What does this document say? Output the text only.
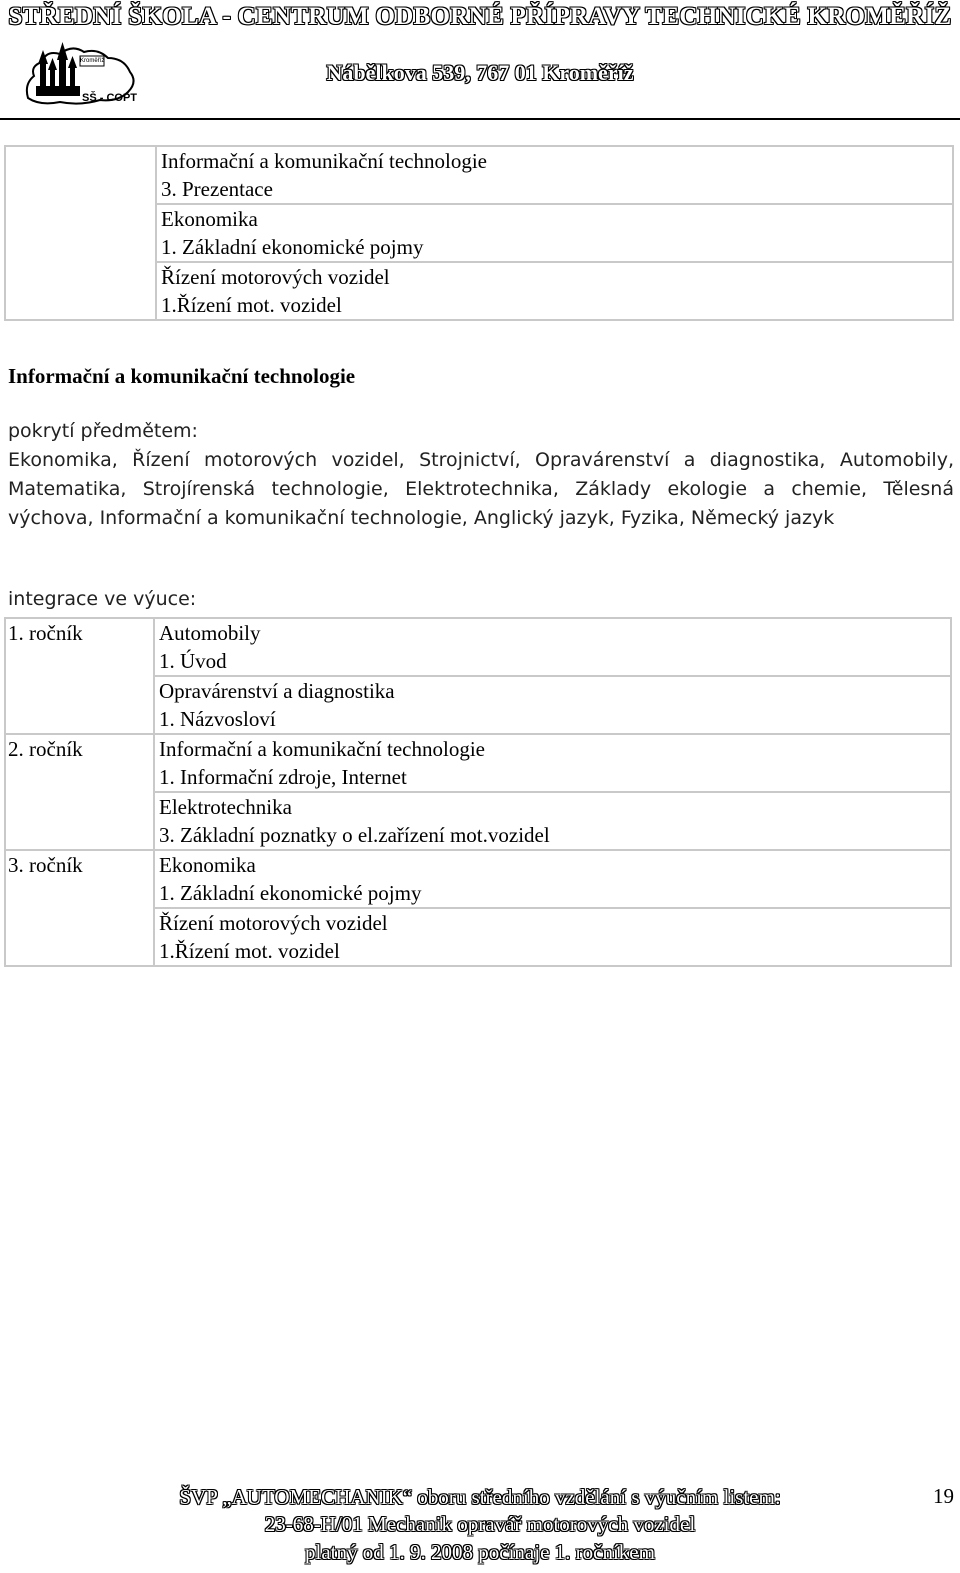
STŘEDNÍ ŠKOLA - CENTRUM ODBORNÉ PŘÍPRAVY TECHNICKÉ KROMĚŘÍŽ
Nábělkova 539, 767 01 Kroměříž
Kroměříž
SŠ - COPT

Informační a komunikační technologie
3. Prezentace

Ekonomika
1. Základní ekonomické pojmy

Řízení motorových vozidel
1.Řízení mot. vozidel
Informační a komunikační technologie
pokrytí předmětem:
Ekonomika, Řízení motorových vozidel, Strojnictví, Opravárenství a diagnostika, Automobily, Matematika, Strojírenská technologie, Elektrotechnika, Základy ekologie a chemie, Tělesná výchova, Informační a komunikační technologie, Anglický jazyk, Fyzika, Německý jazyk
integrace ve výuce:
1. ročník	Automobily
1. Úvod

	Opravárenství a diagnostika
1. Názvosloví

2. ročník	Informační a komunikační technologie
1. Informační zdroje, Internet

	Elektrotechnika
3. Základní poznatky o el.zařízení mot.vozidel

3. ročník	Ekonomika
1. Základní ekonomické pojmy

	Řízení motorových vozidel
1.Řízení mot. vozidel
ŠVP „AUTOMECHANIK“ oboru středního vzdělání s výučním listem:
23-68-H/01 Mechanik opravář motorových vozidel
platný od 1. 9. 2008 počínaje 1. ročníkem
19
